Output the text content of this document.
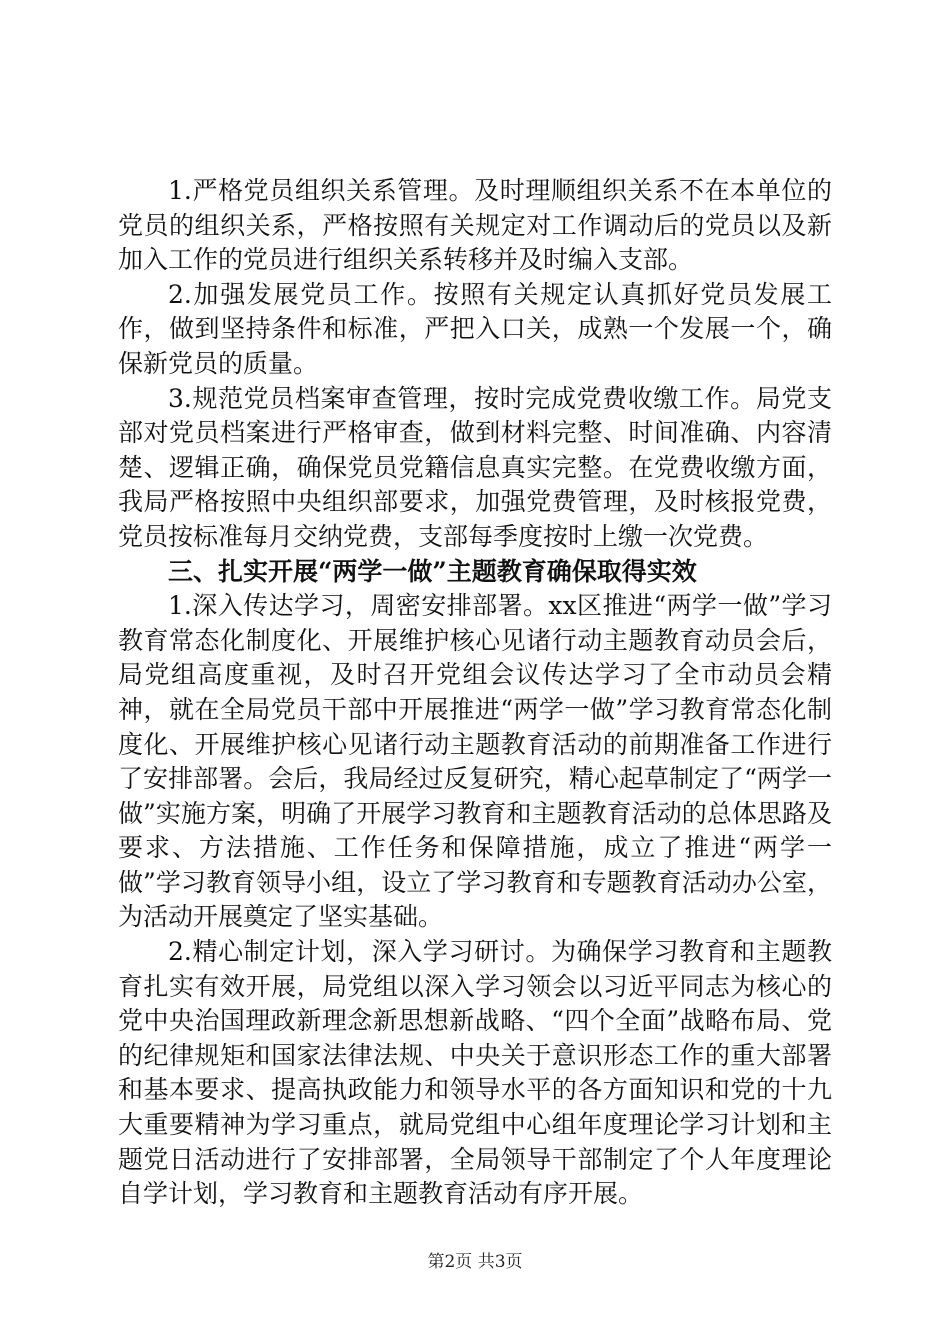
1.严格党员组织关系管理。及时理顺组织关系不在本单位的党员的组织关系，严格按照有关规定对工作调动后的党员以及新加入工作的党员进行组织关系转移并及时编入支部。

2.加强发展党员工作。按照有关规定认真抓好党员发展工作，做到坚持条件和标准，严把入口关，成熟一个发展一个，确保新党员的质量。

3.规范党员档案审查管理，按时完成党费收缴工作。局党支部对党员档案进行严格审查，做到材料完整、时间准确、内容清楚、逻辑正确，确保党员党籍信息真实完整。在党费收缴方面，我局严格按照中央组织部要求，加强党费管理，及时核报党费，党员按标准每月交纳党费，支部每季度按时上缴一次党费。

三、扎实开展“两学一做”主题教育确保取得实效

1.深入传达学习，周密安排部署。xx区推进“两学一做”学习教育常态化制度化、开展维护核心见诸行动主题教育动员会后，局党组高度重视，及时召开党组会议传达学习了全市动员会精神，就在全局党员干部中开展推进“两学一做”学习教育常态化制度化、开展维护核心见诸行动主题教育活动的前期准备工作进行了安排部署。会后，我局经过反复研究，精心起草制定了“两学一做”实施方案，明确了开展学习教育和主题教育活动的总体思路及要求、方法措施、工作任务和保障措施，成立了推进“两学一做”学习教育领导小组，设立了学习教育和专题教育活动办公室，为活动开展奠定了坚实基础。

2.精心制定计划，深入学习研讨。为确保学习教育和主题教育扎实有效开展，局党组以深入学习领会以习近平同志为核心的党中央治国理政新理念新思想新战略、“四个全面”战略布局、党的纪律规矩和国家法律法规、中央关于意识形态工作的重大部署和基本要求、提高执政能力和领导水平的各方面知识和党的十九大重要精神为学习重点，就局党组中心组年度理论学习计划和主题党日活动进行了安排部署，全局领导干部制定了个人年度理论自学计划，学习教育和主题教育活动有序开展。

第2页 共3页
